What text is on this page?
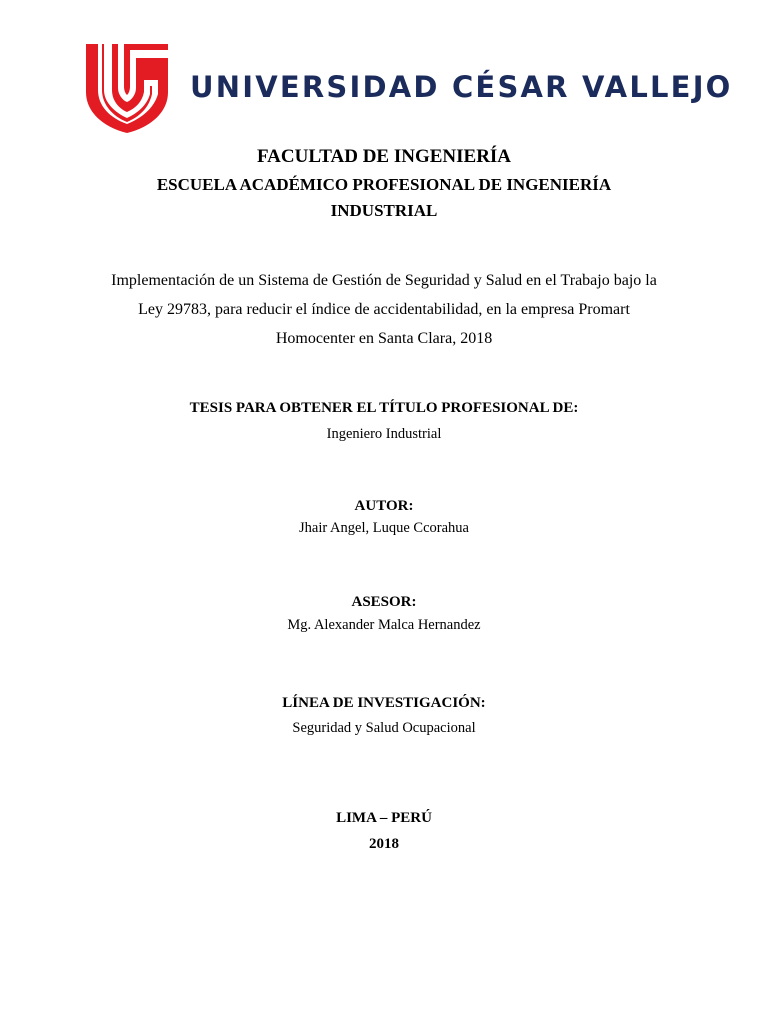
UNIVERSIDAD CÉSAR VALLEJO
FACULTAD DE INGENIERÍA
ESCUELA ACADÉMICO PROFESIONAL DE INGENIERÍA
INDUSTRIAL
Implementación de un Sistema de Gestión de Seguridad y Salud en el Trabajo bajo la
Ley 29783, para reducir el índice de accidentabilidad, en la empresa Promart
Homocenter en Santa Clara, 2018
TESIS PARA OBTENER EL TÍTULO PROFESIONAL DE:
Ingeniero Industrial
AUTOR:
Jhair Angel, Luque Ccorahua
ASESOR:
Mg. Alexander Malca Hernandez
LÍNEA DE INVESTIGACIÓN:
Seguridad y Salud Ocupacional
LIMA – PERÚ
2018
